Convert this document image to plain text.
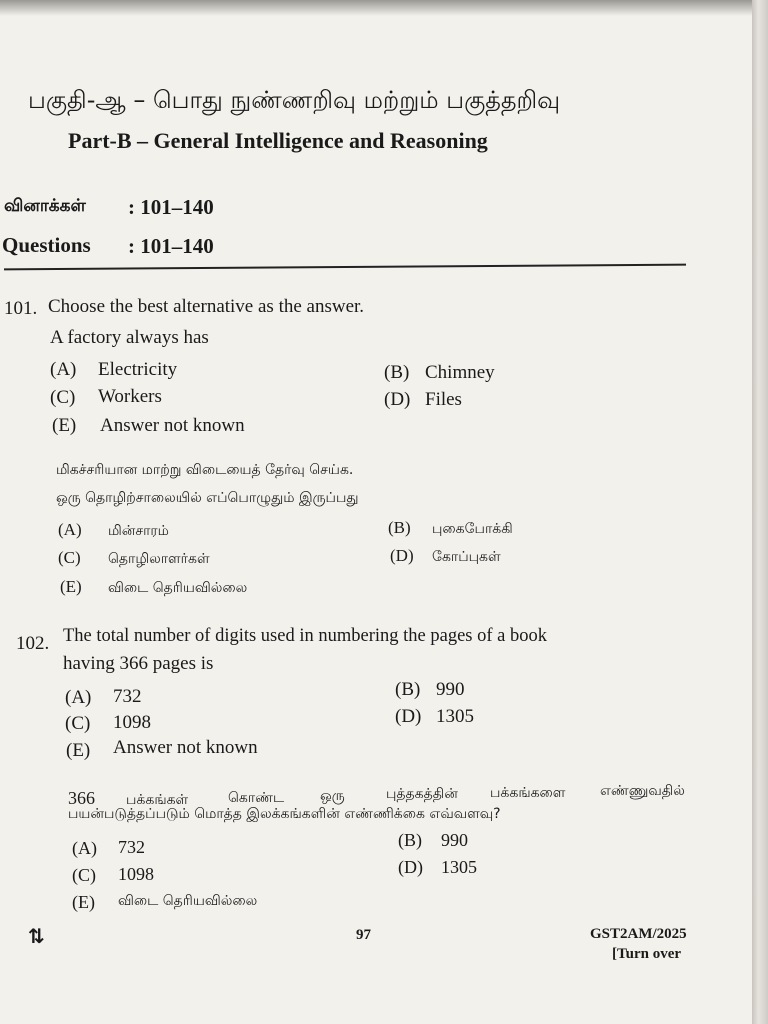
பகுதி-ஆ – பொது நுண்ணறிவு மற்றும் பகுத்தறிவு
Part-B – General Intelligence and Reasoning
வினாக்கள் : 101–140
Questions : 101–140
101. Choose the best alternative as the answer.
A factory always has
(A) Electricity	(B) Chimney
(C) Workers	(D) Files
(E) Answer not known
மிகச்சரியான மாற்று விடையைத் தேர்வு செய்க.
ஒரு தொழிற்சாலையில் எப்பொழுதும் இருப்பது
(A) மின்சாரம்	(B) புகைபோக்கி
(C) தொழிலாளர்கள்	(D) கோப்புகள்
(E) விடை தெரியவில்லை
102. The total number of digits used in numbering the pages of a book
having 366 pages is
(A) 732	(B) 990
(C) 1098	(D) 1305
(E) Answer not known
366 பக்கங்கள்	கொண்ட	ஒரு	புத்தகத்தின் பக்கங்களை எண்ணுவதில்
பயன்படுத்தப்படும் மொத்த இலக்கங்களின் எண்ணிக்கை எவ்வளவு?
(A) 732	(B) 990
(C) 1098	(D) 1305
(E) விடை தெரியவில்லை
⇅	97	GST2AM/2025
[Turn over
